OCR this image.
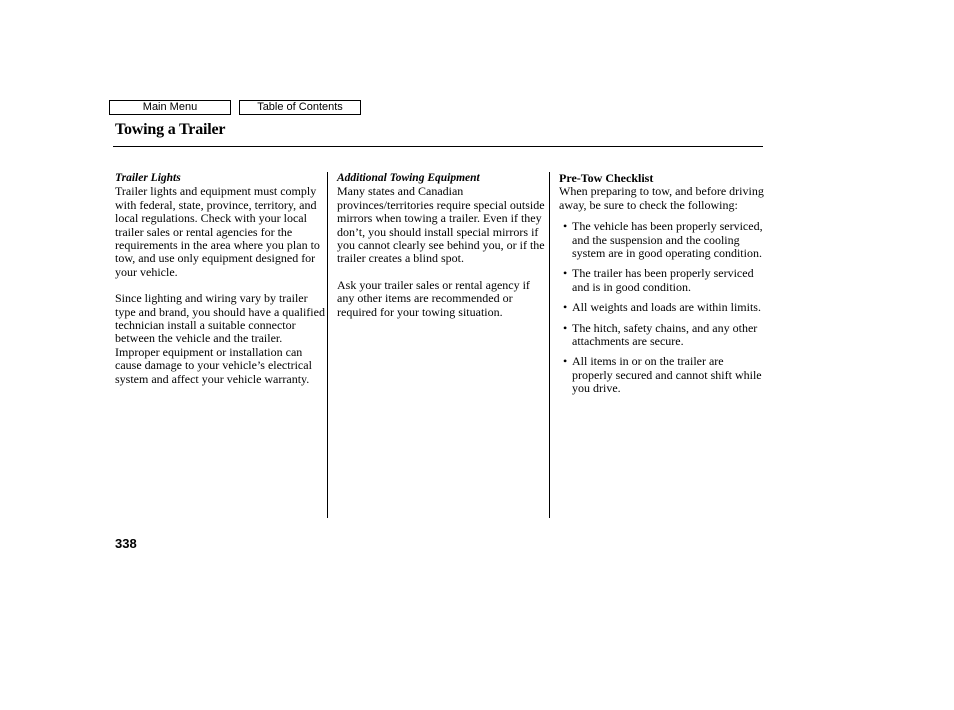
Main Menu	Table of Contents
Towing a Trailer
Trailer Lights

Trailer lights and equipment must comply with federal, state, province, territory, and local regulations. Check with your local trailer sales or rental agencies for the requirements in the area where you plan to tow, and use only equipment designed for your vehicle.

Since lighting and wiring vary by trailer type and brand, you should have a qualified technician install a suitable connector between the vehicle and the trailer. Improper equipment or installation can cause damage to your vehicle’s electrical system and affect your vehicle warranty.

Additional Towing Equipment

Many states and Canadian provinces/territories require special outside mirrors when towing a trailer. Even if they don’t, you should install special mirrors if you cannot clearly see behind you, or if the trailer creates a blind spot.

Ask your trailer sales or rental agency if any other items are recommended or required for your towing situation.

Pre-Tow Checklist

When preparing to tow, and before driving away, be sure to check the following:

• The vehicle has been properly serviced, and the suspension and the cooling system are in good operating condition.
• The trailer has been properly serviced and is in good condition.
• All weights and loads are within limits.
• The hitch, safety chains, and any other attachments are secure.
• All items in or on the trailer are properly secured and cannot shift while you drive.
338
